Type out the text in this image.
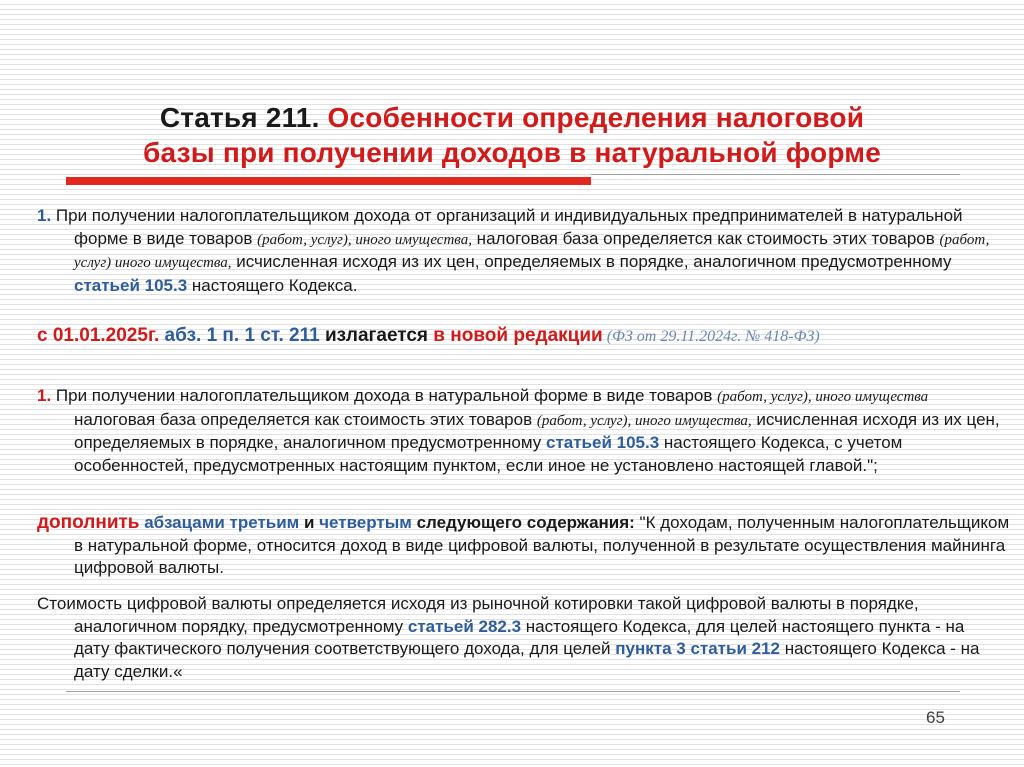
Статья 211. Особенности определения налоговой
базы при получении доходов в натуральной форме
1. При получении налогоплательщиком дохода от организаций и индивидуальных предпринимателей в натуральной форме в виде товаров (работ, услуг), иного имущества, налоговая база определяется как стоимость этих товаров (работ, услуг) иного имущества, исчисленная исходя из их цен, определяемых в порядке, аналогичном предусмотренному статьей 105.3 настоящего Кодекса.
с 01.01.2025г. абз. 1 п. 1 ст. 211 излагается в новой редакции (ФЗ от 29.11.2024г. № 418-ФЗ)
1. При получении налогоплательщиком дохода в натуральной форме в виде товаров (работ, услуг), иного имущества налоговая база определяется как стоимость этих товаров (работ, услуг), иного имущества, исчисленная исходя из их цен, определяемых в порядке, аналогичном предусмотренному статьей 105.3 настоящего Кодекса, с учетом особенностей, предусмотренных настоящим пунктом, если иное не установлено настоящей главой.";
дополнить абзацами третьим и четвертым следующего содержания: "К доходам, полученным налогоплательщиком в натуральной форме, относится доход в виде цифровой валюты, полученной в результате осуществления майнинга цифровой валюты.
Стоимость цифровой валюты определяется исходя из рыночной котировки такой цифровой валюты в порядке, аналогичном порядку, предусмотренному статьей 282.3 настоящего Кодекса, для целей настоящего пункта - на дату фактического получения соответствующего дохода, для целей пункта 3 статьи 212 настоящего Кодекса - на дату сделки.«
65
